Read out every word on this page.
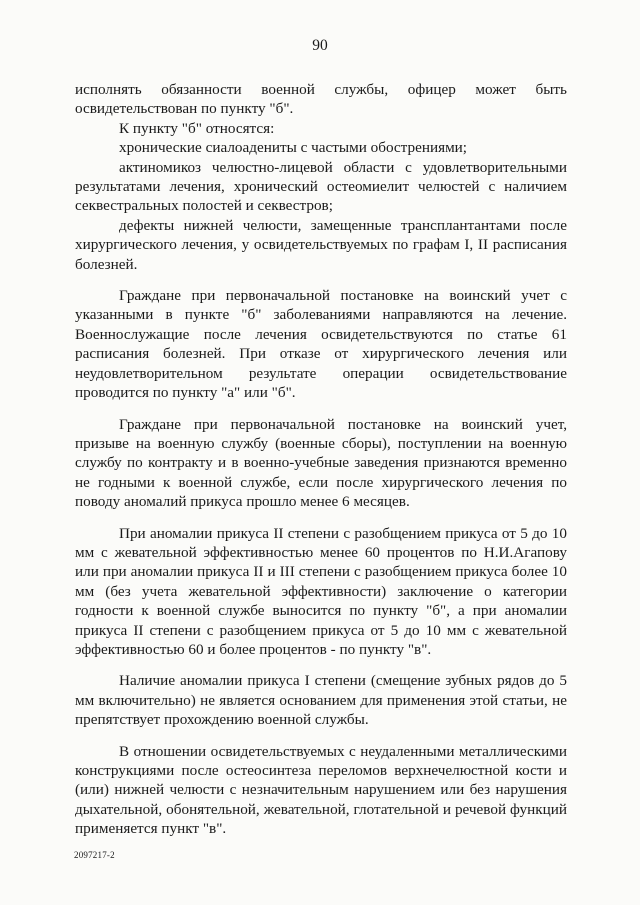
90

исполнять обязанности военной службы, офицер может быть освидетельствован по пункту "б".

К пункту "б" относятся:

хронические сиалоадениты с частыми обострениями;

актиномикоз челюстно-лицевой области с удовлетворительными результатами лечения, хронический остеомиелит челюстей с наличием секвестральных полостей и секвестров;

дефекты нижней челюсти, замещенные трансплантантами после хирургического лечения, у освидетельствуемых по графам I, II расписания болезней.

Граждане при первоначальной постановке на воинский учет с указанными в пункте "б" заболеваниями направляются на лечение. Военнослужащие после лечения освидетельствуются по статье 61 расписания болезней. При отказе от хирургического лечения или неудовлетворительном результате операции освидетельствование проводится по пункту "а" или "б".

Граждане при первоначальной постановке на воинский учет, призыве на военную службу (военные сборы), поступлении на военную службу по контракту и в военно-учебные заведения признаются временно не годными к военной службе, если после хирургического лечения по поводу аномалий прикуса прошло менее 6 месяцев.

При аномалии прикуса II степени с разобщением прикуса от 5 до 10 мм с жевательной эффективностью менее 60 процентов по Н.И.Агапову или при аномалии прикуса II и III степени с разобщением прикуса более 10 мм (без учета жевательной эффективности) заключение о категории годности к военной службе выносится по пункту "б", а при аномалии прикуса II степени с разобщением прикуса от 5 до 10 мм с жевательной эффективностью 60 и более процентов - по пункту "в".

Наличие аномалии прикуса I степени (смещение зубных рядов до 5 мм включительно) не является основанием для применения этой статьи, не препятствует прохождению военной службы.

В отношении освидетельствуемых с неудаленными металлическими конструкциями после остеосинтеза переломов верхнечелюстной кости и (или) нижней челюсти с незначительным нарушением или без нарушения дыхательной, обонятельной, жевательной, глотательной и речевой функций применяется пункт "в".

2097217-2
